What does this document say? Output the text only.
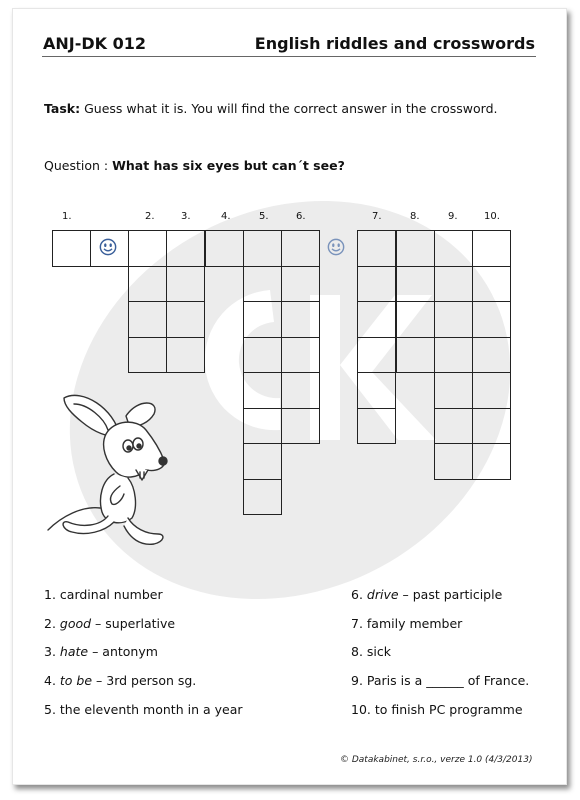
ANJ-DK 012	English riddles and crosswords
Task: Guess what it is. You will find the correct answer in the crossword.
Question : What has six eyes but can´t see?
1.	2.	3.	4.	5.	6.	7.	8.	9.	10.
1. cardinal number
2. good – superlative
3. hate – antonym
4. to be – 3rd person sg.
5. the eleventh month in a year
6. drive – past participle
7. family member
8. sick
9. Paris is a ______ of France.
10. to finish PC programme
© Datakabinet, s.r.o., verze 1.0 (4/3/2013)
